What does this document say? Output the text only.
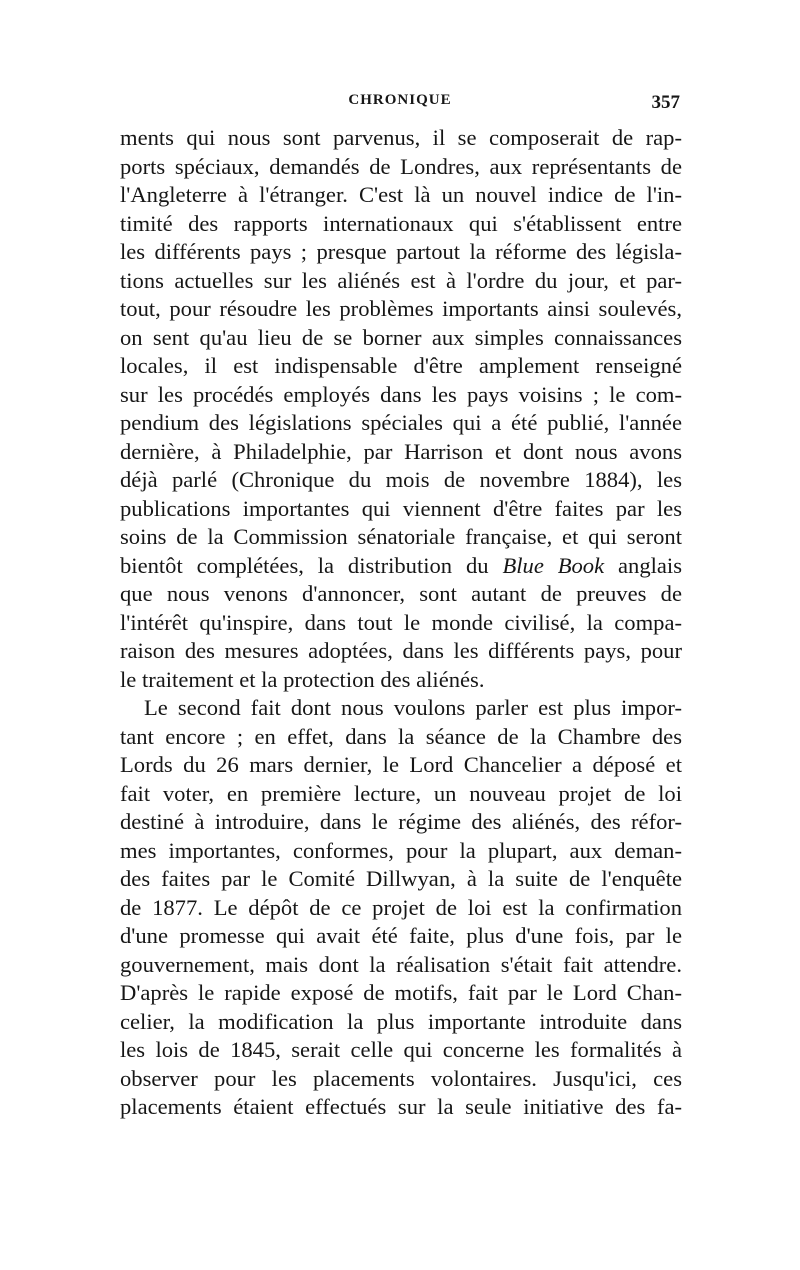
CHRONIQUE	357
ments qui nous sont parvenus, il se composerait de rap-
ports spéciaux, demandés de Londres, aux représentants de
l'Angleterre à l'étranger. C'est là un nouvel indice de l'in-
timité des rapports internationaux qui s'établissent entre
les différents pays ; presque partout la réforme des législa-
tions actuelles sur les aliénés est à l'ordre du jour, et par-
tout, pour résoudre les problèmes importants ainsi soulevés,
on sent qu'au lieu de se borner aux simples connaissances
locales, il est indispensable d'être amplement renseigné
sur les procédés employés dans les pays voisins ; le com-
pendium des législations spéciales qui a été publié, l'année
dernière, à Philadelphie, par Harrison et dont nous avons
déjà parlé (Chronique du mois de novembre 1884), les
publications importantes qui viennent d'être faites par les
soins de la Commission sénatoriale française, et qui seront
bientôt complétées, la distribution du Blue Book anglais
que nous venons d'annoncer, sont autant de preuves de
l'intérêt qu'inspire, dans tout le monde civilisé, la compa-
raison des mesures adoptées, dans les différents pays, pour
le traitement et la protection des aliénés.
Le second fait dont nous voulons parler est plus impor-
tant encore ; en effet, dans la séance de la Chambre des
Lords du 26 mars dernier, le Lord Chancelier a déposé et
fait voter, en première lecture, un nouveau projet de loi
destiné à introduire, dans le régime des aliénés, des réfor-
mes importantes, conformes, pour la plupart, aux deman-
des faites par le Comité Dillwyan, à la suite de l'enquête
de 1877. Le dépôt de ce projet de loi est la confirmation
d'une promesse qui avait été faite, plus d'une fois, par le
gouvernement, mais dont la réalisation s'était fait attendre.
D'après le rapide exposé de motifs, fait par le Lord Chan-
celier, la modification la plus importante introduite dans
les lois de 1845, serait celle qui concerne les formalités à
observer pour les placements volontaires. Jusqu'ici, ces
placements étaient effectués sur la seule initiative des fa-
